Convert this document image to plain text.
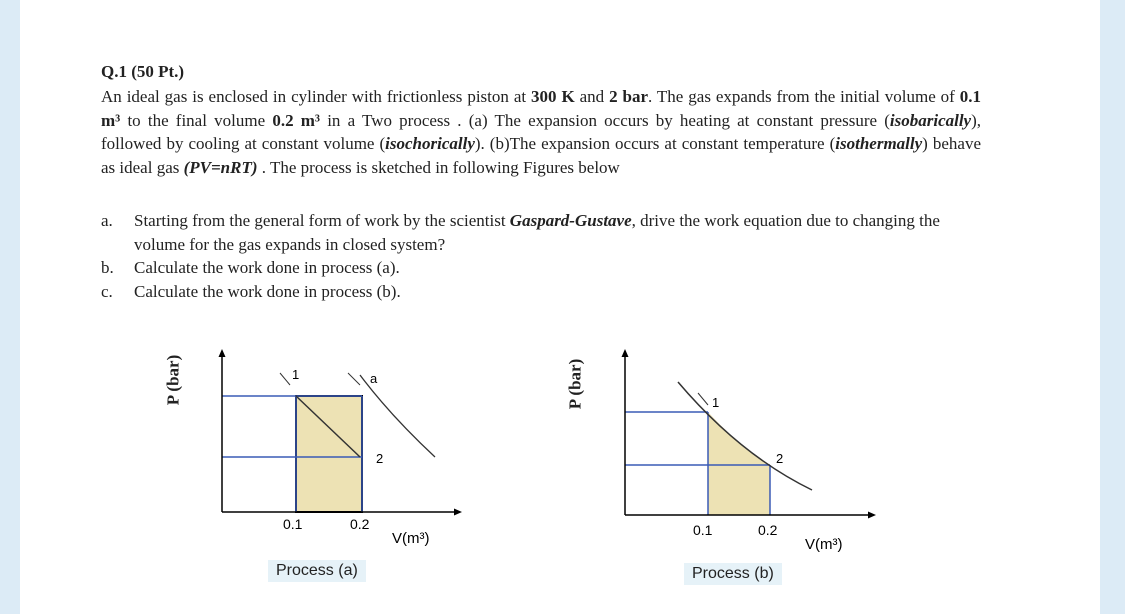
Q.1 (50 Pt.)
An ideal gas is enclosed in cylinder with frictionless piston at 300 K and 2 bar. The gas expands from the initial volume of 0.1 m³ to the final volume 0.2 m³ in a Two process . (a) The expansion occurs by heating at constant pressure (isobarically), followed by cooling at constant volume (isochorically). (b)The expansion occurs at constant temperature (isothermally) behave as ideal gas (PV=nRT) . The process is sketched in following Figures below
a. Starting from the general form of work by the scientist Gaspard-Gustave, drive the work equation due to changing the volume for the gas expands in closed system?
b. Calculate the work done in process (a).
c. Calculate the work done in process (b).
P (bar)	1	a
2
0.1	0.2
V(m³)
Process (a)
P (bar)	1
2
0.1	0.2
V(m³)
Process (b)
